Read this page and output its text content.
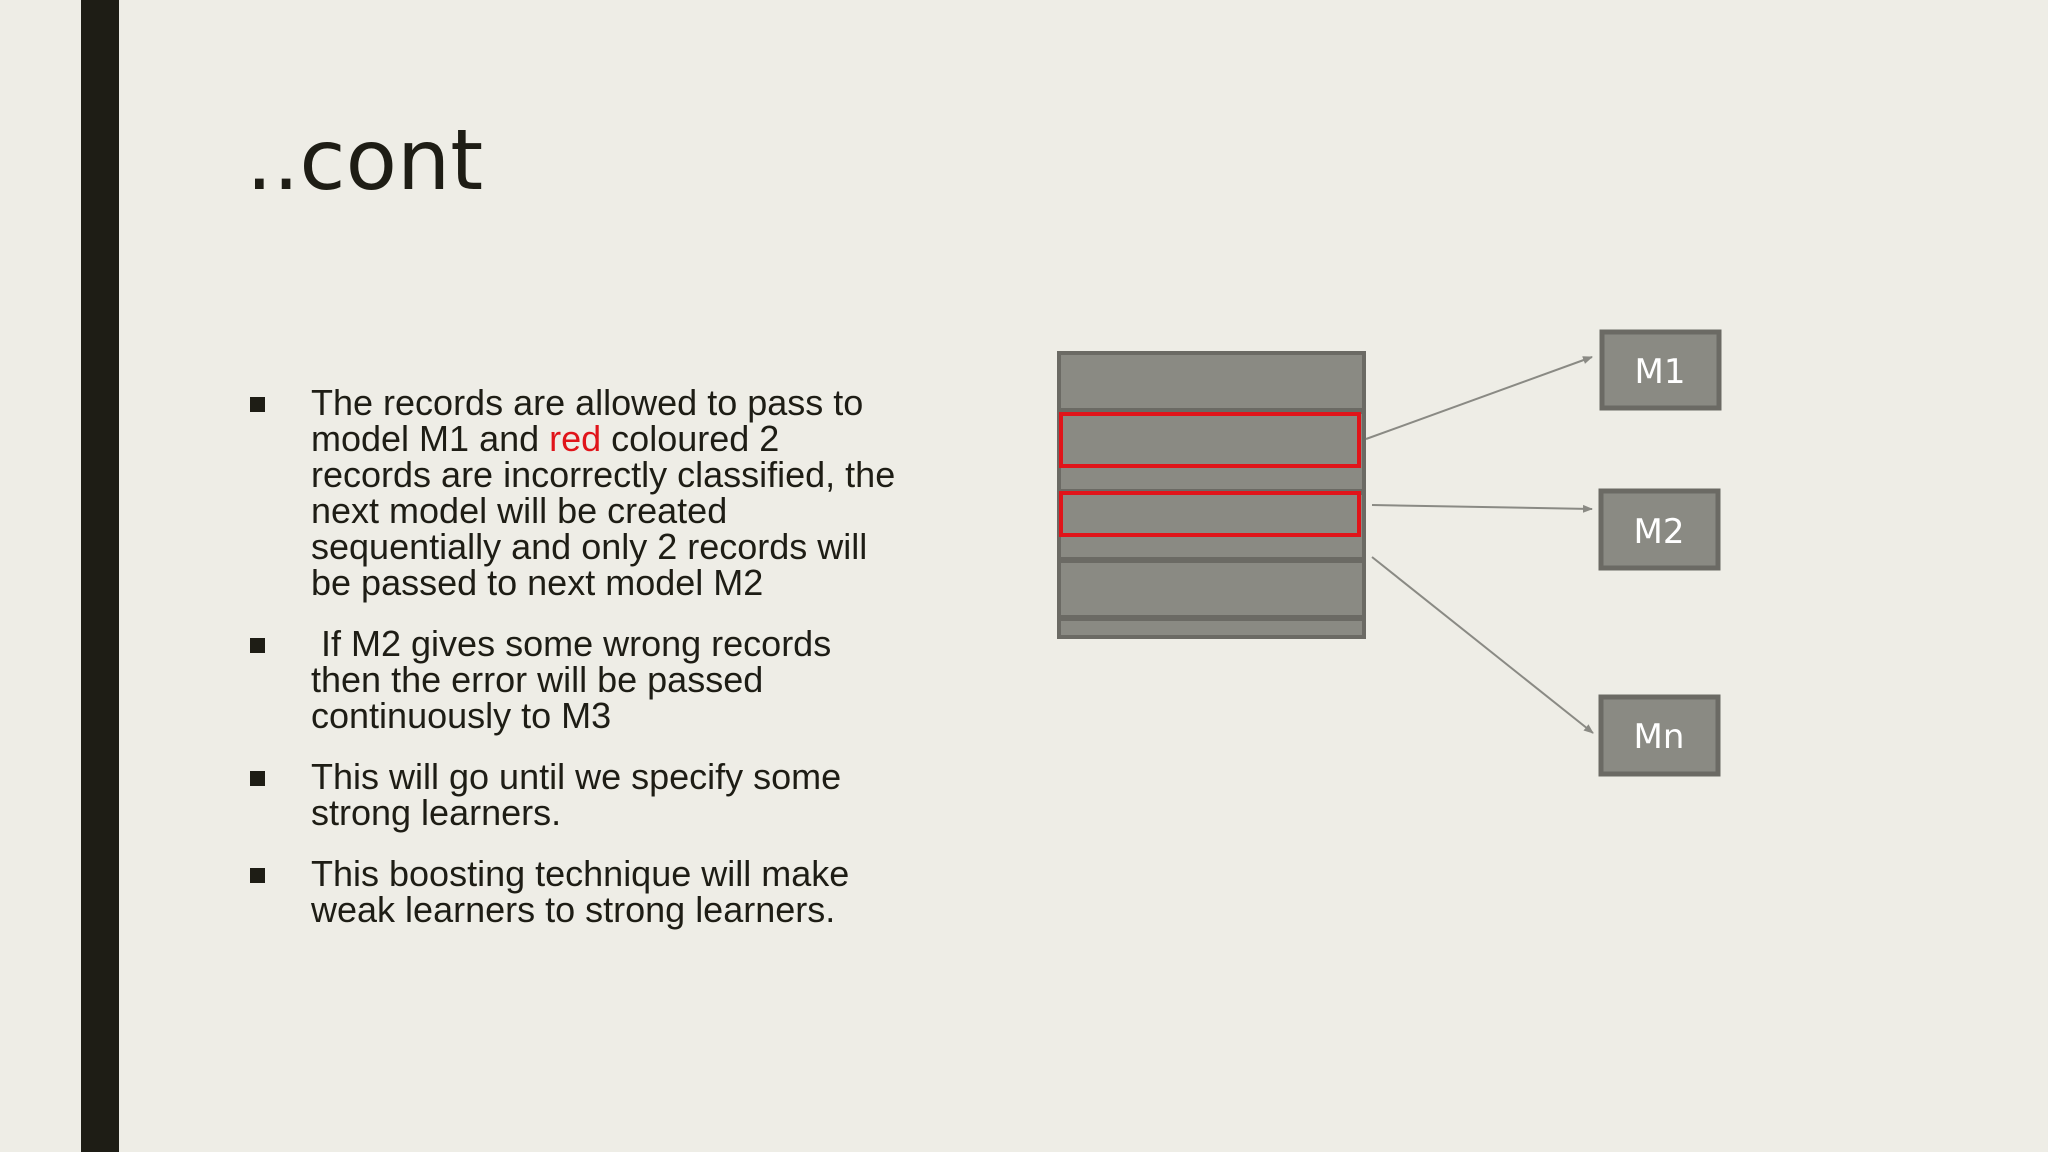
..cont
The records are allowed to pass to model M1 and red coloured 2 records are incorrectly classified, the next model will be created sequentially and only 2 records will be passed to next model M2
If M2 gives some wrong records then the error will be passed continuously to M3
This will go until we specify some strong learners.
This boosting technique will make weak learners to strong learners.
M1
M2
Mn
